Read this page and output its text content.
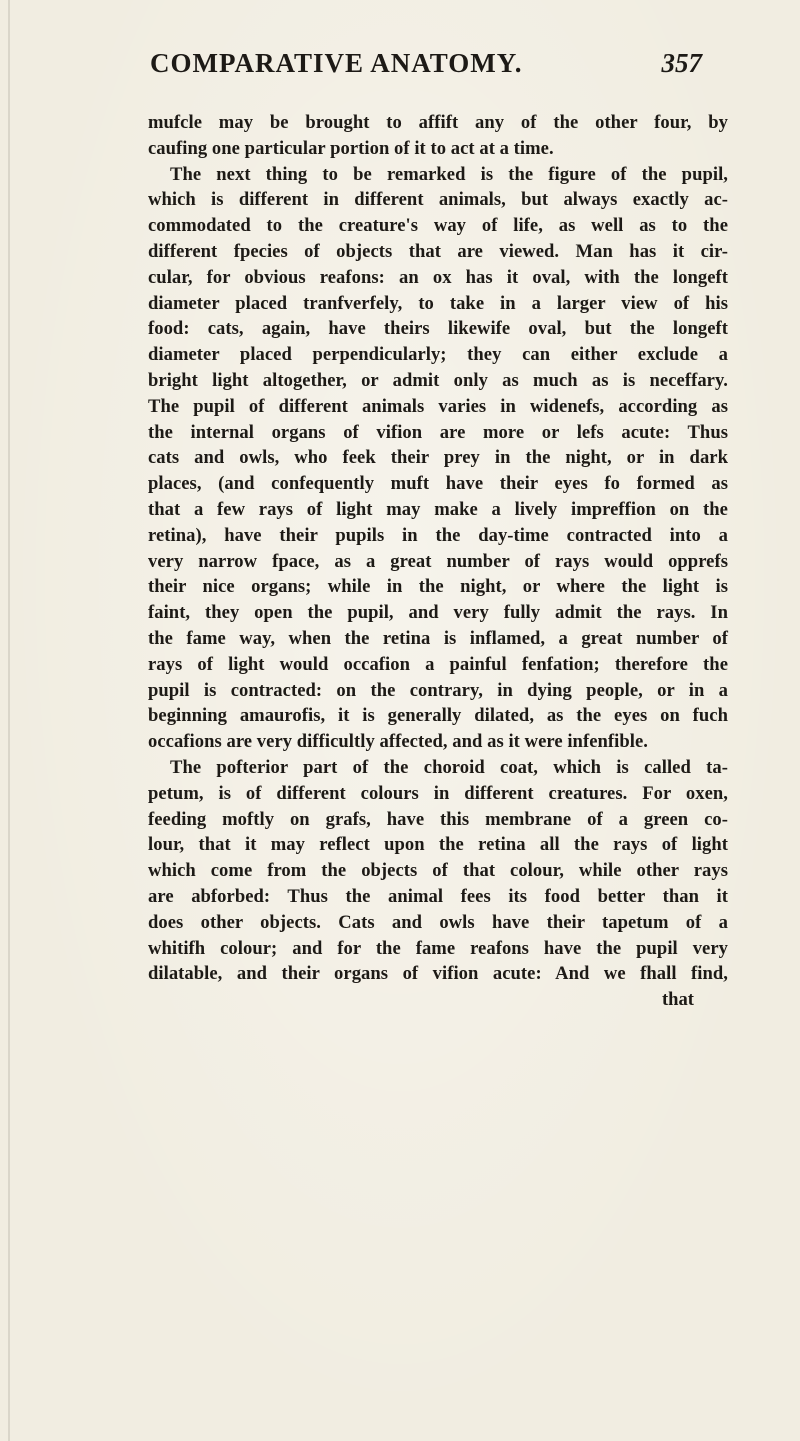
COMPARATIVE ANATOMY.	357
mufcle may be brought to affift any of the other four, by
caufing one particular portion of it to act at a time.
The next thing to be remarked is the figure of the pupil,
which is different in different animals, but always exactly ac-
commodated to the creature's way of life, as well as to the
different fpecies of objects that are viewed. Man has it cir-
cular, for obvious reafons: an ox has it oval, with the longeft
diameter placed tranfverfely, to take in a larger view of his
food: cats, again, have theirs likewife oval, but the longeft
diameter placed perpendicularly; they can either exclude a
bright light altogether, or admit only as much as is neceffary.
The pupil of different animals varies in widenefs, according as
the internal organs of vifion are more or lefs acute: Thus
cats and owls, who feek their prey in the night, or in dark
places, (and confequently muft have their eyes fo formed as
that a few rays of light may make a lively impreffion on the
retina), have their pupils in the day-time contracted into a
very narrow fpace, as a great number of rays would opprefs
their nice organs; while in the night, or where the light is
faint, they open the pupil, and very fully admit the rays. In
the fame way, when the retina is inflamed, a great number of
rays of light would occafion a painful fenfation; therefore the
pupil is contracted: on the contrary, in dying people, or in a
beginning amaurofis, it is generally dilated, as the eyes on fuch
occafions are very difficultly affected, and as it were infenfible.
The pofterior part of the choroid coat, which is called ta-
petum, is of different colours in different creatures. For oxen,
feeding moftly on grafs, have this membrane of a green co-
lour, that it may reflect upon the retina all the rays of light
which come from the objects of that colour, while other rays
are abforbed: Thus the animal fees its food better than it
does other objects. Cats and owls have their tapetum of a
whitifh colour; and for the fame reafons have the pupil very
dilatable, and their organs of vifion acute: And we fhall find,
that
